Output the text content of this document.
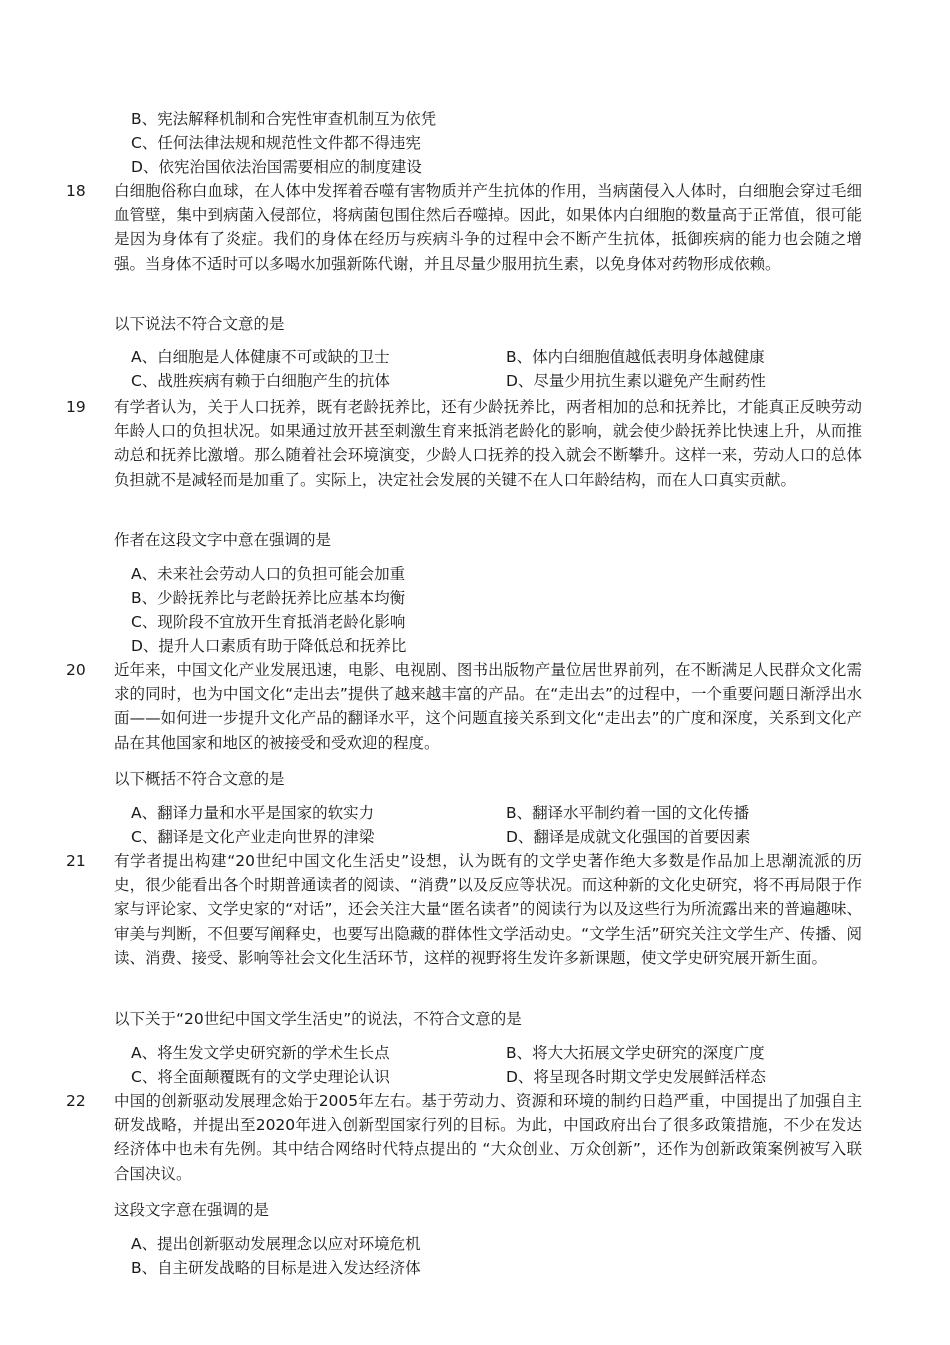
B、宪法解释机制和合宪性审查机制互为依凭
C、任何法律法规和规范性文件都不得违宪
D、依宪治国依法治国需要相应的制度建设
18 白细胞俗称白血球，在人体中发挥着吞噬有害物质并产生抗体的作用，当病菌侵入人体时，白细胞会穿过毛细血管壁，集中到病菌入侵部位，将病菌包围住然后吞噬掉。因此，如果体内白细胞的数量高于正常值，很可能是因为身体有了炎症。我们的身体在经历与疾病斗争的过程中会不断产生抗体，抵御疾病的能力也会随之增强。当身体不适时可以多喝水加强新陈代谢，并且尽量少服用抗生素，以免身体对药物形成依赖。
以下说法不符合文意的是
A、白细胞是人体健康不可或缺的卫士	B、体内白细胞值越低表明身体越健康
C、战胜疾病有赖于白细胞产生的抗体	D、尽量少用抗生素以避免产生耐药性
19 有学者认为，关于人口抚养，既有老龄抚养比，还有少龄抚养比，两者相加的总和抚养比，才能真正反映劳动年龄人口的负担状况。如果通过放开甚至刺激生育来抵消老龄化的影响，就会使少龄抚养比快速上升，从而推动总和抚养比激增。那么随着社会环境演变，少龄人口抚养的投入就会不断攀升。这样一来，劳动人口的总体负担就不是减轻而是加重了。实际上，决定社会发展的关键不在人口年龄结构，而在人口真实贡献。
作者在这段文字中意在强调的是
A、未来社会劳动人口的负担可能会加重
B、少龄抚养比与老龄抚养比应基本均衡
C、现阶段不宜放开生育抵消老龄化影响
D、提升人口素质有助于降低总和抚养比
20 近年来，中国文化产业发展迅速，电影、电视剧、图书出版物产量位居世界前列，在不断满足人民群众文化需求的同时，也为中国文化“走出去”提供了越来越丰富的产品。在“走出去”的过程中，一个重要问题日渐浮出水面——如何进一步提升文化产品的翻译水平，这个问题直接关系到文化“走出去”的广度和深度，关系到文化产品在其他国家和地区的被接受和受欢迎的程度。
以下概括不符合文意的是
A、翻译力量和水平是国家的软实力	B、翻译水平制约着一国的文化传播
C、翻译是文化产业走向世界的津梁	D、翻译是成就文化强国的首要因素
21 有学者提出构建“20世纪中国文化生活史”设想，认为既有的文学史著作绝大多数是作品加上思潮流派的历史，很少能看出各个时期普通读者的阅读、“消费”以及反应等状况。而这种新的文化史研究，将不再局限于作家与评论家、文学史家的“对话”，还会关注大量“匿名读者”的阅读行为以及这些行为所流露出来的普遍趣味、审美与判断，不但要写阐释史，也要写出隐藏的群体性文学活动史。“文学生活”研究关注文学生产、传播、阅读、消费、接受、影响等社会文化生活环节，这样的视野将生发许多新课题，使文学史研究展开新生面。
以下关于“20世纪中国文学生活史”的说法，不符合文意的是
A、将生发文学史研究新的学术生长点	B、将大大拓展文学史研究的深度广度
C、将全面颠覆既有的文学史理论认识	D、将呈现各时期文学史发展鲜活样态
22 中国的创新驱动发展理念始于2005年左右。基于劳动力、资源和环境的制约日趋严重，中国提出了加强自主研发战略，并提出至2020年进入创新型国家行列的目标。为此，中国政府出台了很多政策措施，不少在发达经济体中也未有先例。其中结合网络时代特点提出的 “大众创业、万众创新”，还作为创新政策案例被写入联合国决议。
这段文字意在强调的是
A、提出创新驱动发展理念以应对环境危机
B、自主研发战略的目标是进入发达经济体
